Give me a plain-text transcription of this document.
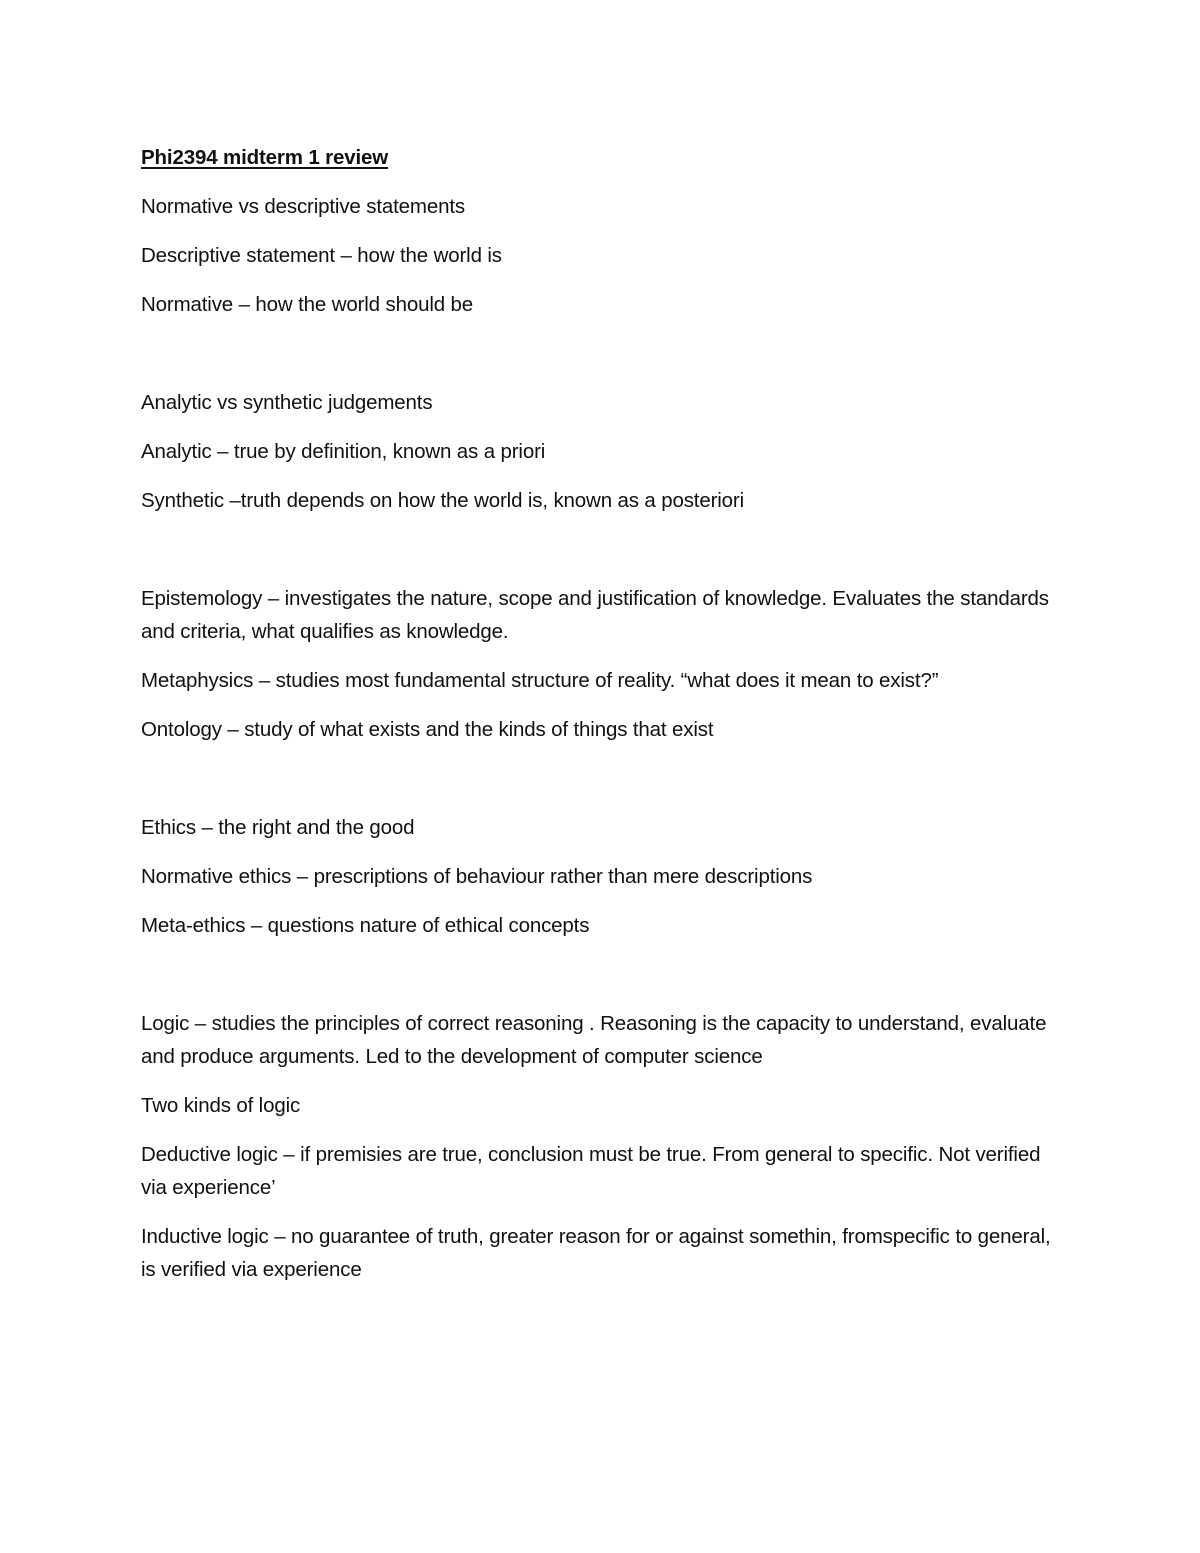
Phi2394 midterm 1 review
Normative vs descriptive statements
Descriptive statement – how the world is
Normative – how the world should be
Analytic vs synthetic judgements
Analytic – true by definition, known as a priori
Synthetic –truth depends on how the world is, known as a posteriori
Epistemology – investigates the nature, scope and justification of knowledge. Evaluates the standards and criteria, what qualifies as knowledge.
Metaphysics – studies most fundamental structure of reality. “what does it mean to exist?”
Ontology – study of what exists and the kinds of things that exist
Ethics – the right and the good
Normative ethics – prescriptions of behaviour rather than mere descriptions
Meta-ethics – questions nature of ethical concepts
Logic – studies the principles of correct reasoning . Reasoning is the capacity to understand, evaluate and produce arguments. Led to the development of computer science
Two kinds of logic
Deductive logic – if premisies are true, conclusion must be true. From general to specific. Not verified via experience’
Inductive logic – no guarantee of truth, greater reason for or against somethin, fromspecific to general, is verified via experience
